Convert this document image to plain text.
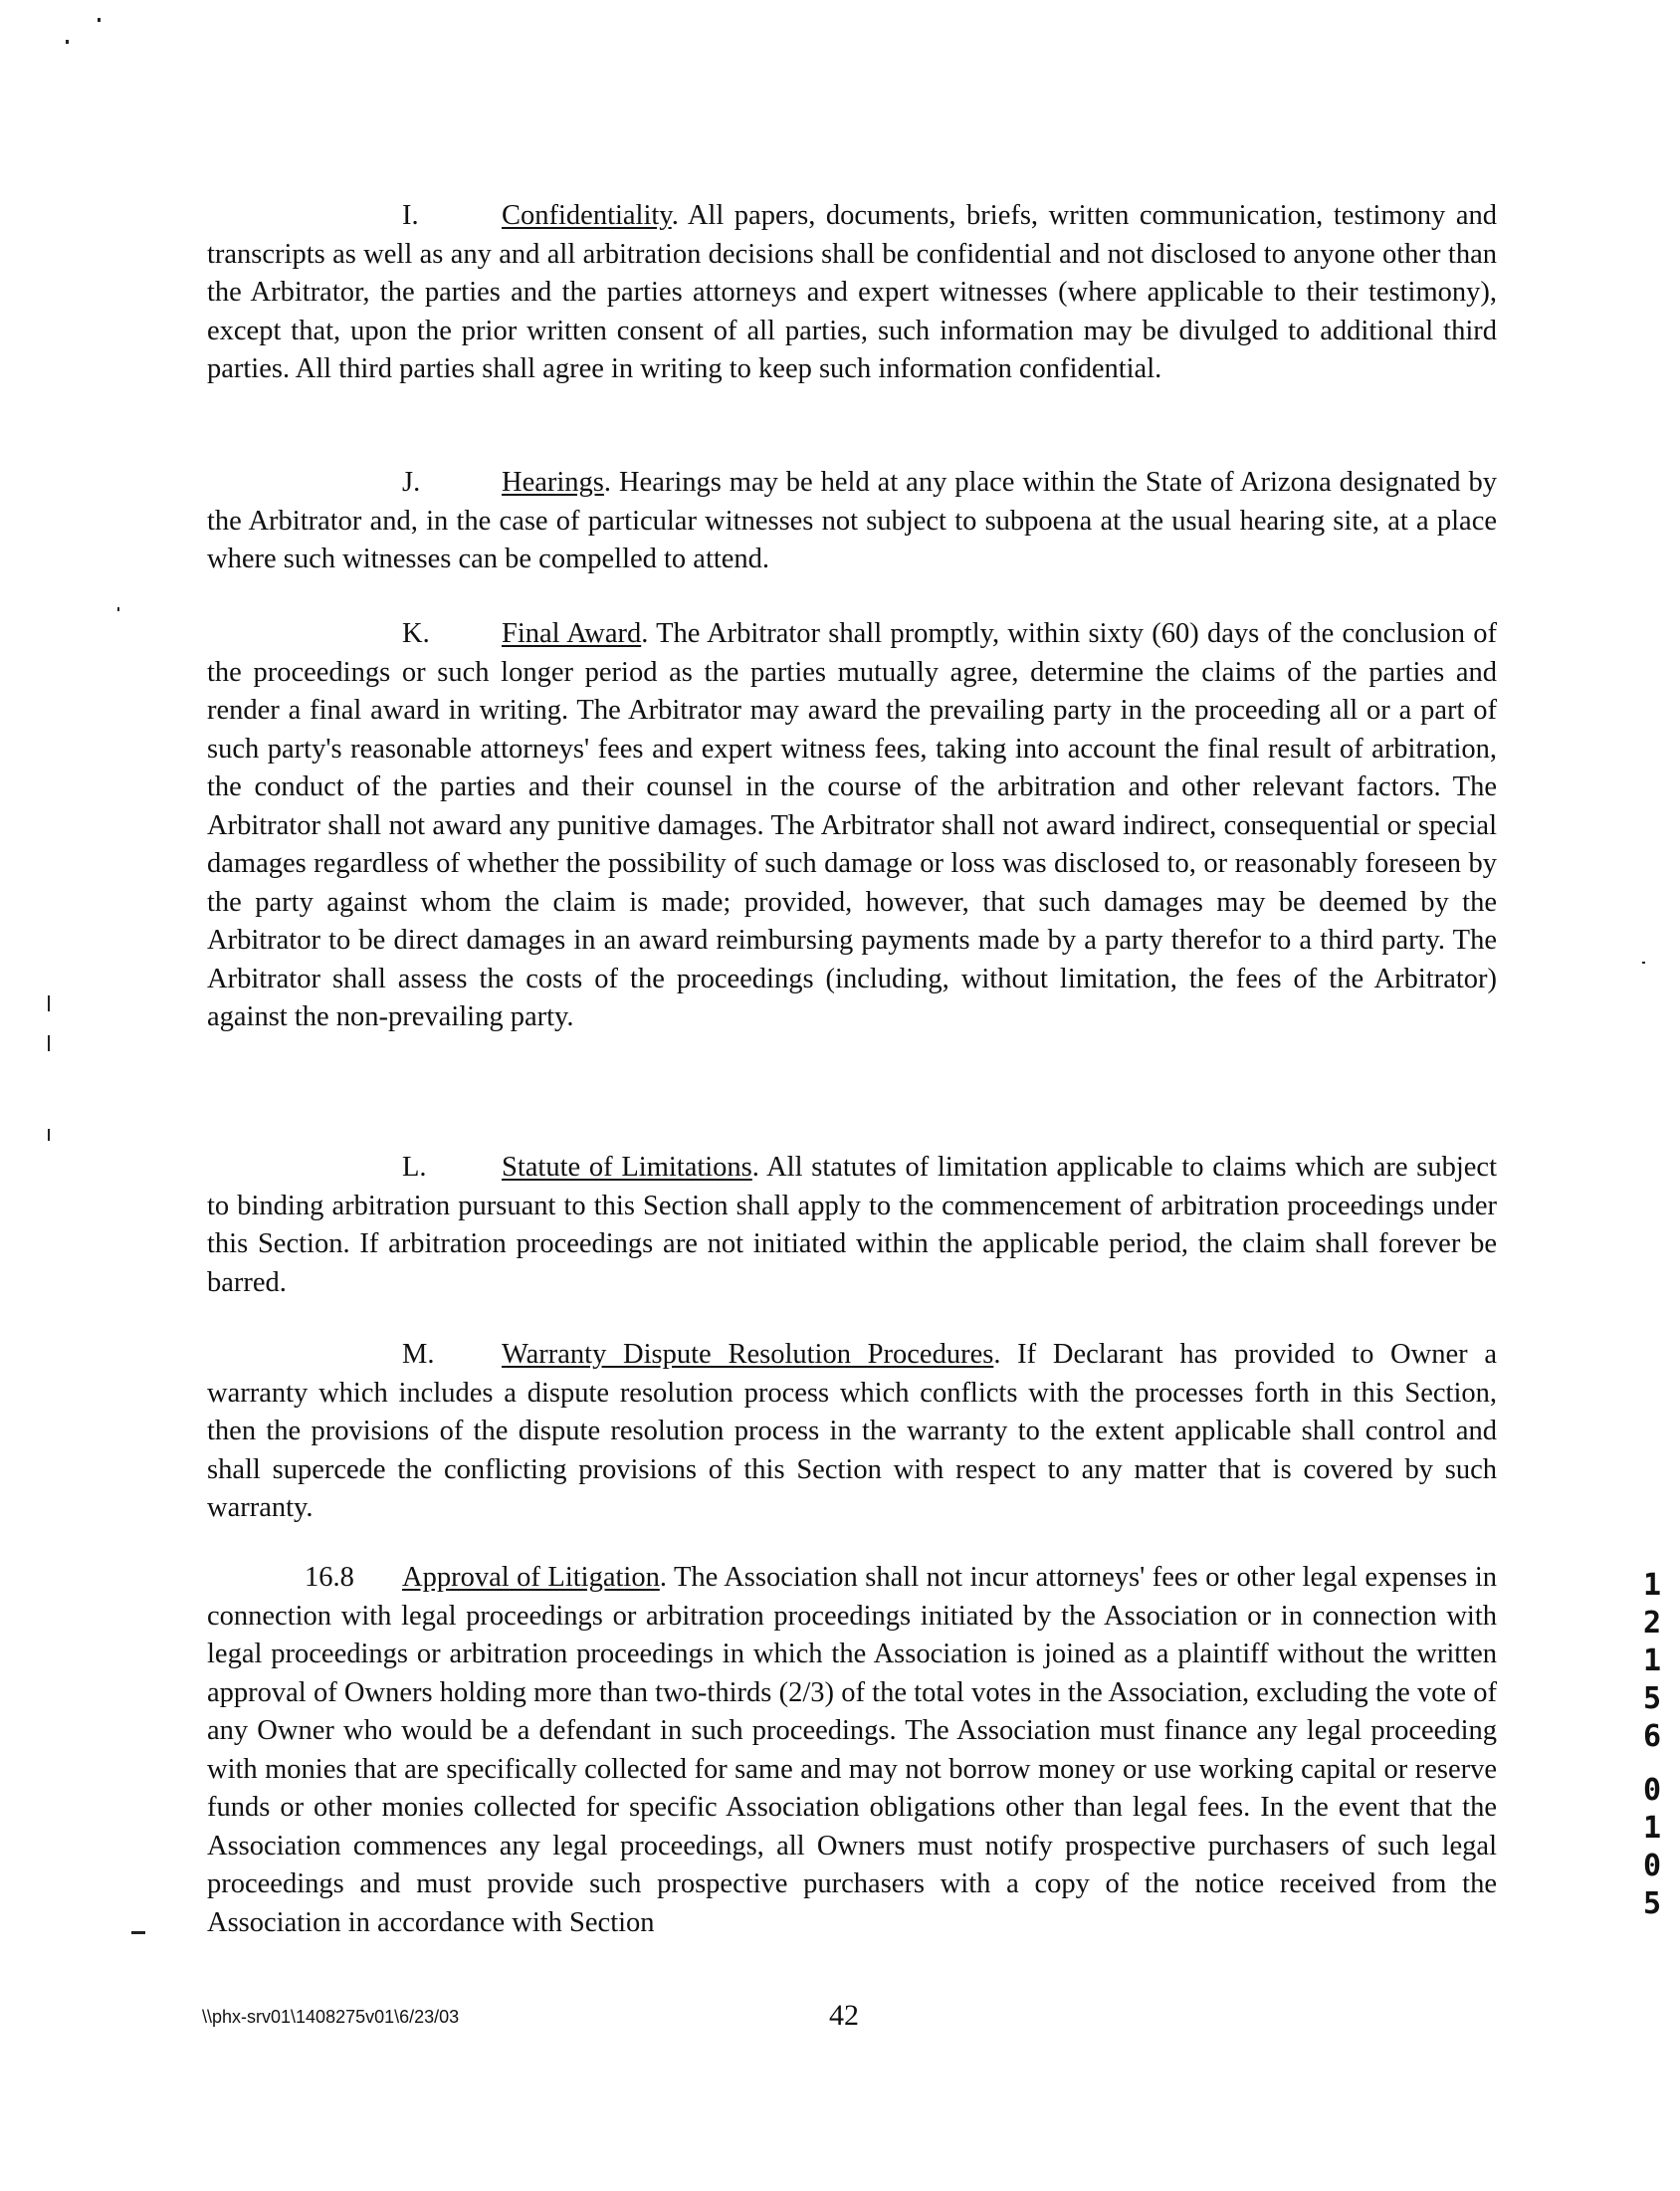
I.	Confidentiality. All papers, documents, briefs, written communication, testimony and transcripts as well as any and all arbitration decisions shall be confidential and not disclosed to anyone other than the Arbitrator, the parties and the parties attorneys and expert witnesses (where applicable to their testimony), except that, upon the prior written consent of all parties, such information may be divulged to additional third parties. All third parties shall agree in writing to keep such information confidential.

J.	Hearings. Hearings may be held at any place within the State of Arizona designated by the Arbitrator and, in the case of particular witnesses not subject to subpoena at the usual hearing site, at a place where such witnesses can be compelled to attend.

K.	Final Award. The Arbitrator shall promptly, within sixty (60) days of the conclusion of the proceedings or such longer period as the parties mutually agree, determine the claims of the parties and render a final award in writing. The Arbitrator may award the prevailing party in the proceeding all or a part of such party's reasonable attorneys' fees and expert witness fees, taking into account the final result of arbitration, the conduct of the parties and their counsel in the course of the arbitration and other relevant factors. The Arbitrator shall not award any punitive damages. The Arbitrator shall not award indirect, consequential or special damages regardless of whether the possibility of such damage or loss was disclosed to, or reasonably foreseen by the party against whom the claim is made; provided, however, that such damages may be deemed by the Arbitrator to be direct damages in an award reimbursing payments made by a party therefor to a third party. The Arbitrator shall assess the costs of the proceedings (including, without limitation, the fees of the Arbitrator) against the non-prevailing party.

L.	Statute of Limitations. All statutes of limitation applicable to claims which are subject to binding arbitration pursuant to this Section shall apply to the commencement of arbitration proceedings under this Section. If arbitration proceedings are not initiated within the applicable period, the claim shall forever be barred.

M. Warranty Dispute Resolution Procedures. If Declarant has provided to Owner a warranty which includes a dispute resolution process which conflicts with the processes forth in this Section, then the provisions of the dispute resolution process in the warranty to the extent applicable shall control and shall supercede the conflicting provisions of this Section with respect to any matter that is covered by such warranty.

16.8 Approval of Litigation. The Association shall not incur attorneys' fees or other legal expenses in connection with legal proceedings or arbitration proceedings initiated by the Association or in connection with legal proceedings or arbitration proceedings in which the Association is joined as a plaintiff without the written approval of Owners holding more than two-thirds (2/3) of the total votes in the Association, excluding the vote of any Owner who would be a defendant in such proceedings. The Association must finance any legal proceeding with monies that are specifically collected for same and may not borrow money or use working capital or reserve funds or other monies collected for specific Association obligations other than legal fees. In the event that the Association commences any legal proceedings, all Owners must notify prospective purchasers of such legal proceedings and must provide such prospective purchasers with a copy of the notice received from the Association in accordance with Section

\\phx-srv01\1408275v01\6/23/03	42
1
2
1
5
6
0
1
0
5
